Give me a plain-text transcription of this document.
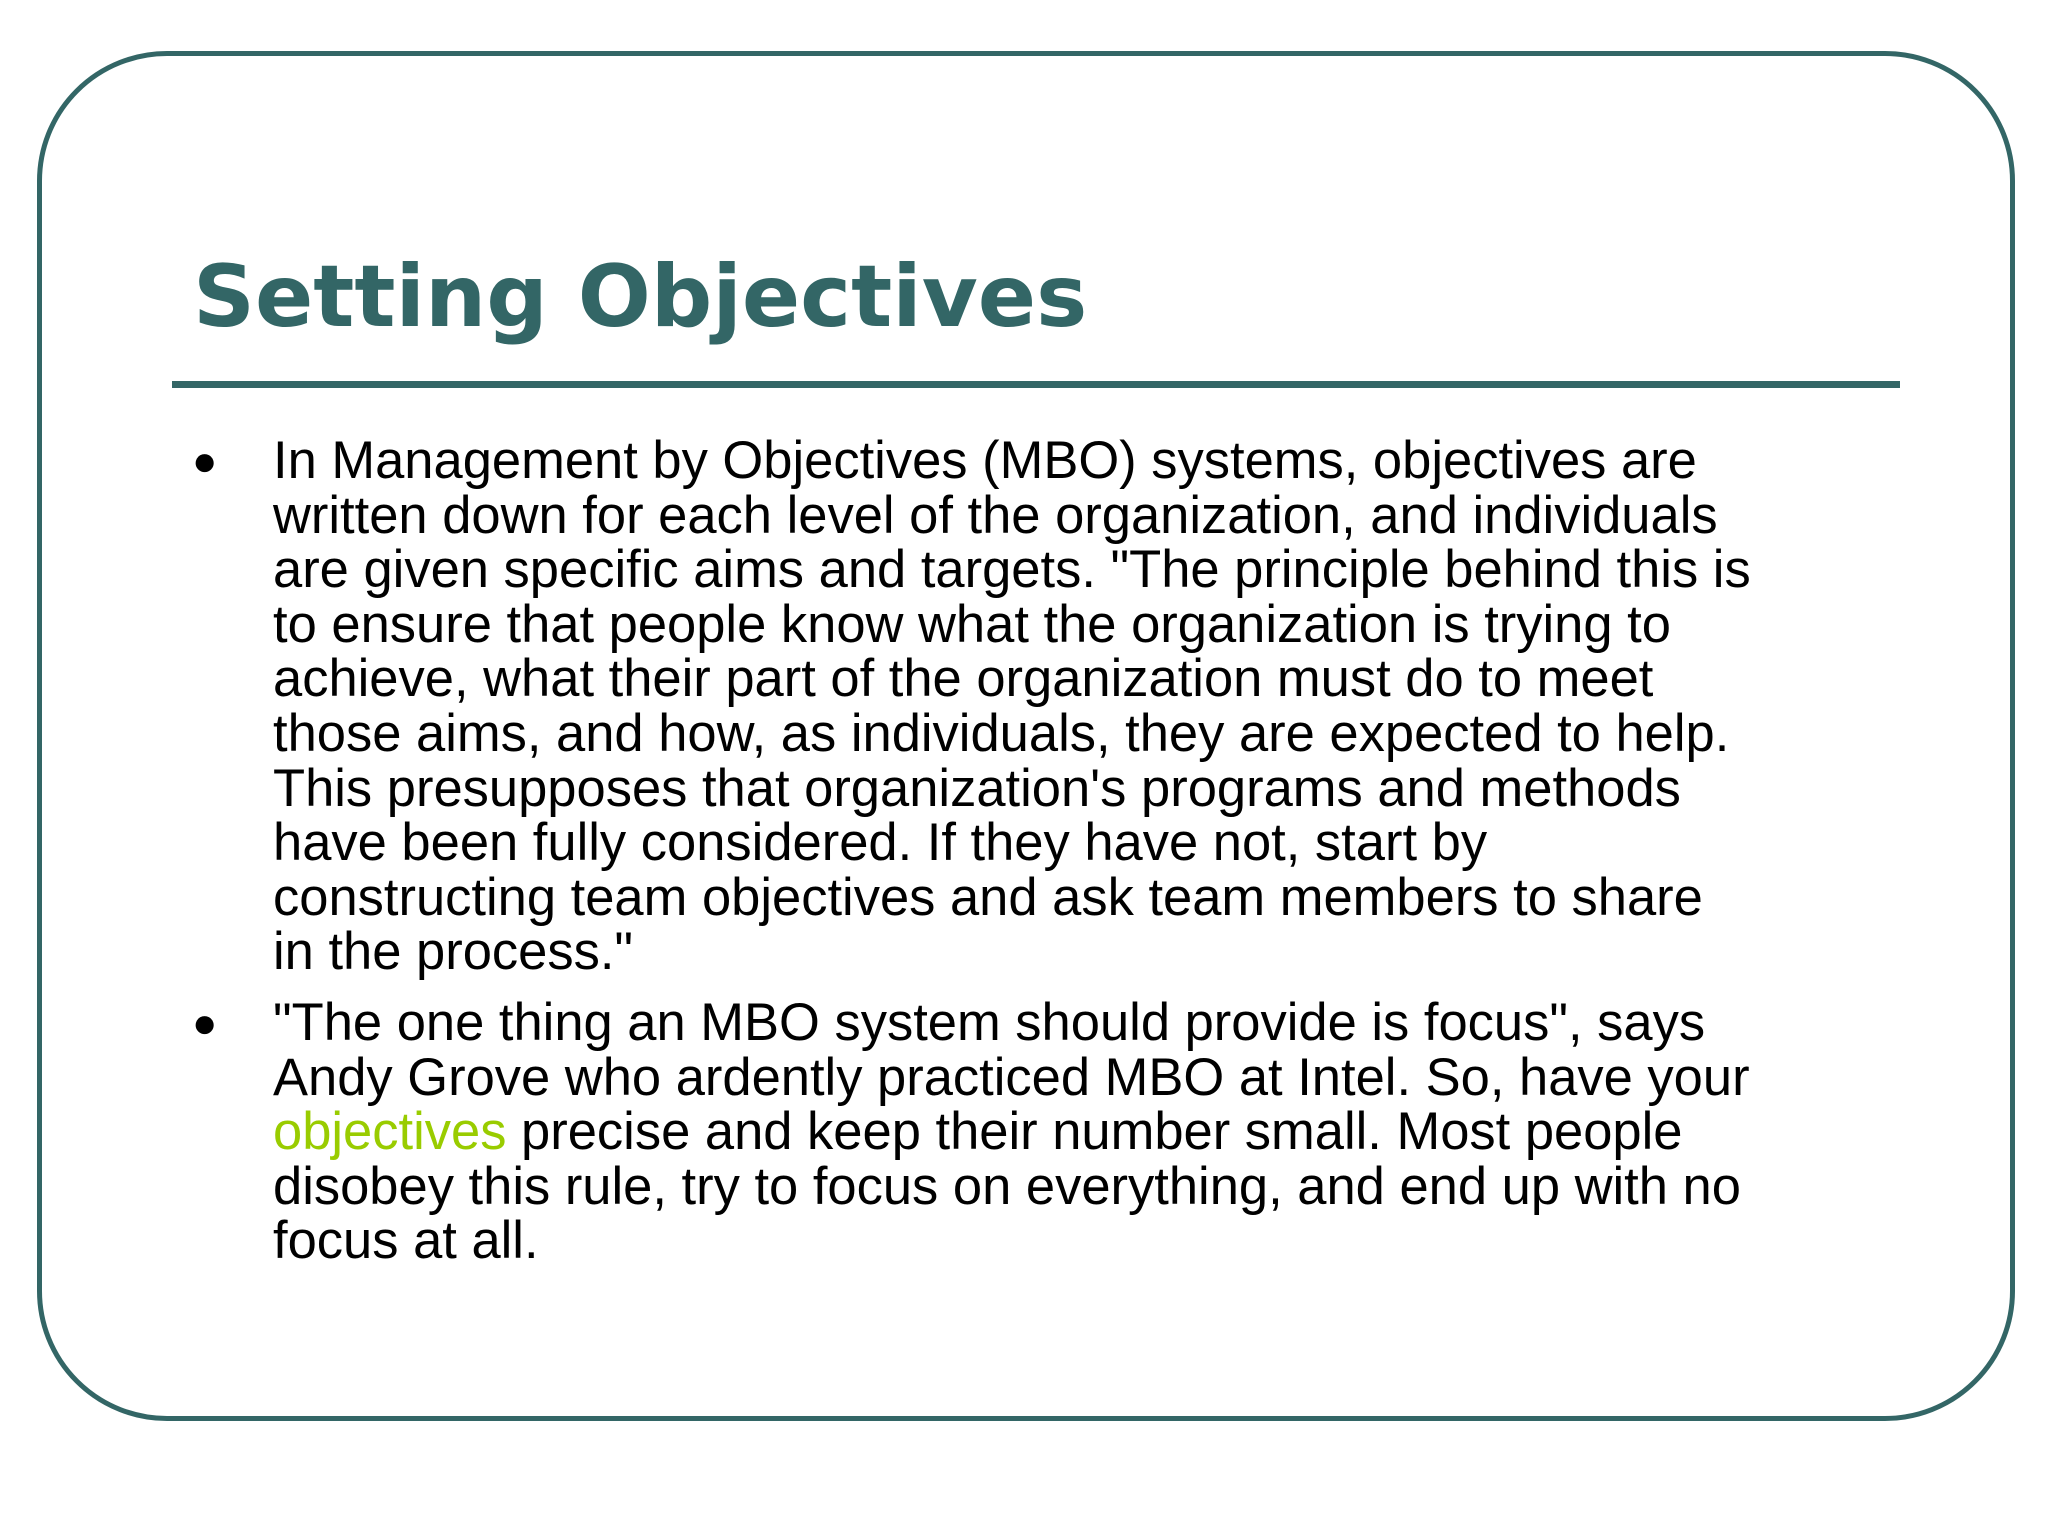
Setting Objectives
●	In Management by Objectives (MBO) systems, objectives are
written down for each level of the organization, and individuals
are given specific aims and targets. "The principle behind this is
to ensure that people know what the organization is trying to
achieve, what their part of the organization must do to meet
those aims, and how, as individuals, they are expected to help.
This presupposes that organization's programs and methods
have been fully considered. If they have not, start by
constructing team objectives and ask team members to share
in the process."
●	"The one thing an MBO system should provide is focus", says
Andy Grove who ardently practiced MBO at Intel. So, have your
objectives precise and keep their number small. Most people
disobey this rule, try to focus on everything, and end up with no
focus at all.
